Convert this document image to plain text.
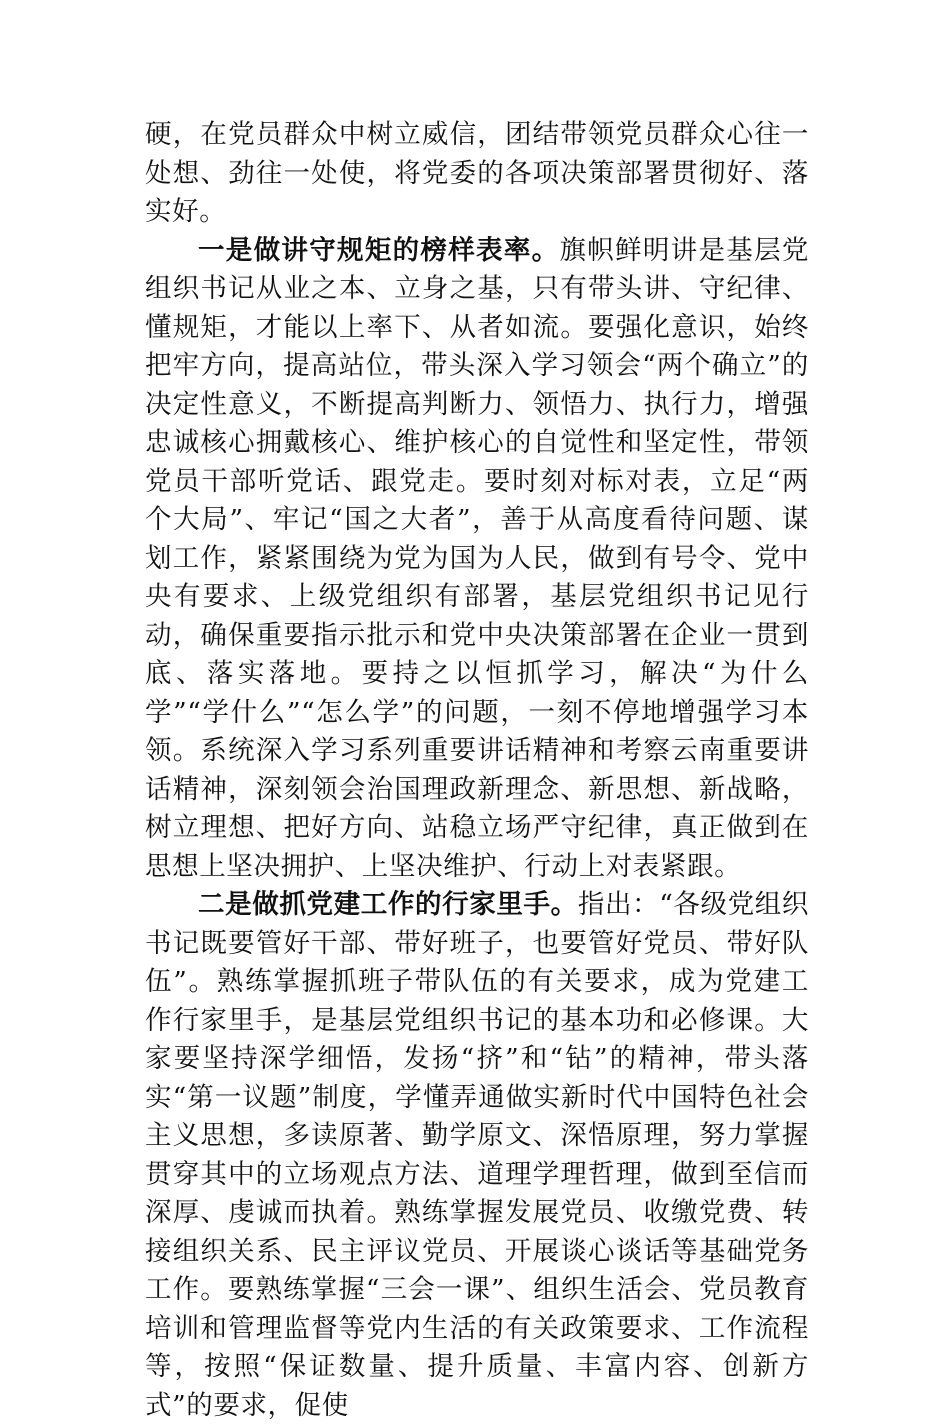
硬，在党员群众中树立威信，团结带领党员群众心往一处想、劲往一处使，将党委的各项决策部署贯彻好、落实好。

一是做讲守规矩的榜样表率。旗帜鲜明讲是基层党组织书记从业之本、立身之基，只有带头讲、守纪律、懂规矩，才能以上率下、从者如流。要强化意识，始终把牢方向，提高站位，带头深入学习领会“两个确立”的决定性意义，不断提高判断力、领悟力、执行力，增强忠诚核心拥戴核心、维护核心的自觉性和坚定性，带领党员干部听党话、跟党走。要时刻对标对表，立足“两个大局”、牢记“国之大者”，善于从高度看待问题、谋划工作，紧紧围绕为党为国为人民，做到有号令、党中央有要求、上级党组织有部署，基层党组织书记见行动，确保重要指示批示和党中央决策部署在企业一贯到底、落实落地。要持之以恒抓学习，解决“为什么学”“学什么”“怎么学”的问题，一刻不停地增强学习本领。系统深入学习系列重要讲话精神和考察云南重要讲话精神，深刻领会治国理政新理念、新思想、新战略，树立理想、把好方向、站稳立场严守纪律，真正做到在思想上坚决拥护、上坚决维护、行动上对表紧跟。

二是做抓党建工作的行家里手。指出：“各级党组织书记既要管好干部、带好班子，也要管好党员、带好队伍”。熟练掌握抓班子带队伍的有关要求，成为党建工作行家里手，是基层党组织书记的基本功和必修课。大家要坚持深学细悟，发扬“挤”和“钻”的精神，带头落实“第一议题”制度，学懂弄通做实新时代中国特色社会主义思想，多读原著、勤学原文、深悟原理，努力掌握贯穿其中的立场观点方法、道理学理哲理，做到至信而深厚、虔诚而执着。熟练掌握发展党员、收缴党费、转接组织关系、民主评议党员、开展谈心谈话等基础党务工作。要熟练掌握“三会一课”、组织生活会、党员教育培训和管理监督等党内生活的有关政策要求、工作流程等，按照“保证数量、提升质量、丰富内容、创新方式”的要求，促使
